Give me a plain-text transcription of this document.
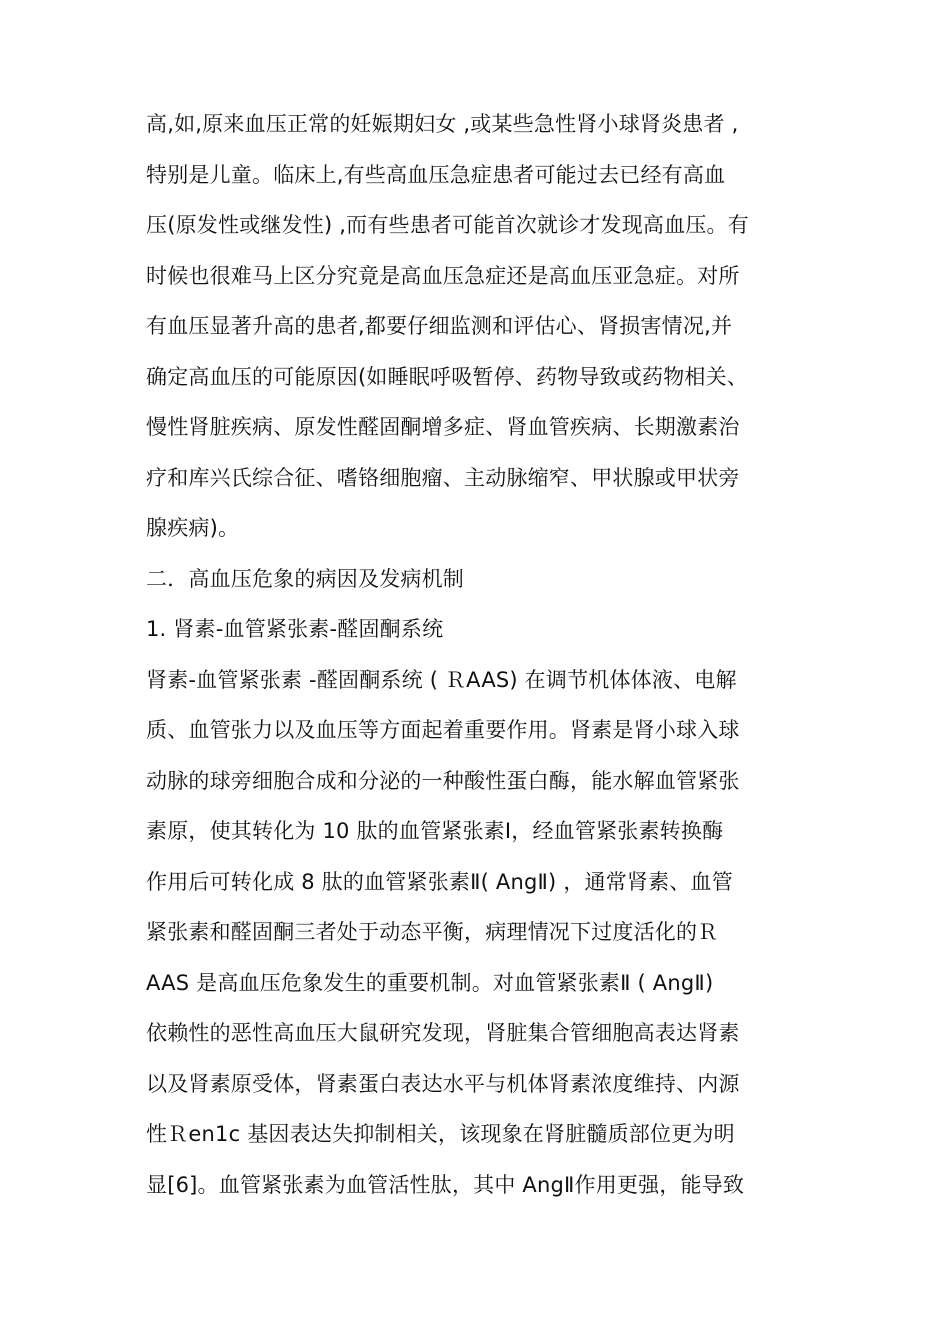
高,如,原来血压正常的妊娠期妇女 ,或某些急性肾小球肾炎患者 ,
特别是儿童。临床上,有些高血压急症患者可能过去已经有高血
压(原发性或继发性) ,而有些患者可能首次就诊才发现高血压。有
时候也很难马上区分究竟是高血压急症还是高血压亚急症。对所
有血压显著升高的患者,都要仔细监测和评估心、肾损害情况,并
确定高血压的可能原因(如睡眠呼吸暂停、药物导致或药物相关、
慢性肾脏疾病、原发性醛固酮增多症、肾血管疾病、长期激素治
疗和库兴氏综合征、嗜铬细胞瘤、主动脉缩窄、甲状腺或甲状旁
腺疾病)。
二．高血压危象的病因及发病机制
1. 肾素-血管紧张素-醛固酮系统
肾素-血管紧张素 -醛固酮系统 ( ＲAAS) 在调节机体体液、电解
质、血管张力以及血压等方面起着重要作用。肾素是肾小球入球
动脉的球旁细胞合成和分泌的一种酸性蛋白酶，能水解血管紧张
素原，使其转化为 10 肽的血管紧张素Ⅰ，经血管紧张素转换酶
作用后可转化成 8 肽的血管紧张素Ⅱ( AngⅡ) ，通常肾素、血管
紧张素和醛固酮三者处于动态平衡，病理情况下过度活化的Ｒ
AAS 是高血压危象发生的重要机制。对血管紧张素Ⅱ ( AngⅡ)
依赖性的恶性高血压大鼠研究发现，肾脏集合管细胞高表达肾素
以及肾素原受体，肾素蛋白表达水平与机体肾素浓度维持、内源
性Ｒen1c 基因表达失抑制相关，该现象在肾脏髓质部位更为明
显[6]。血管紧张素为血管活性肽，其中 AngⅡ作用更强，能导致
